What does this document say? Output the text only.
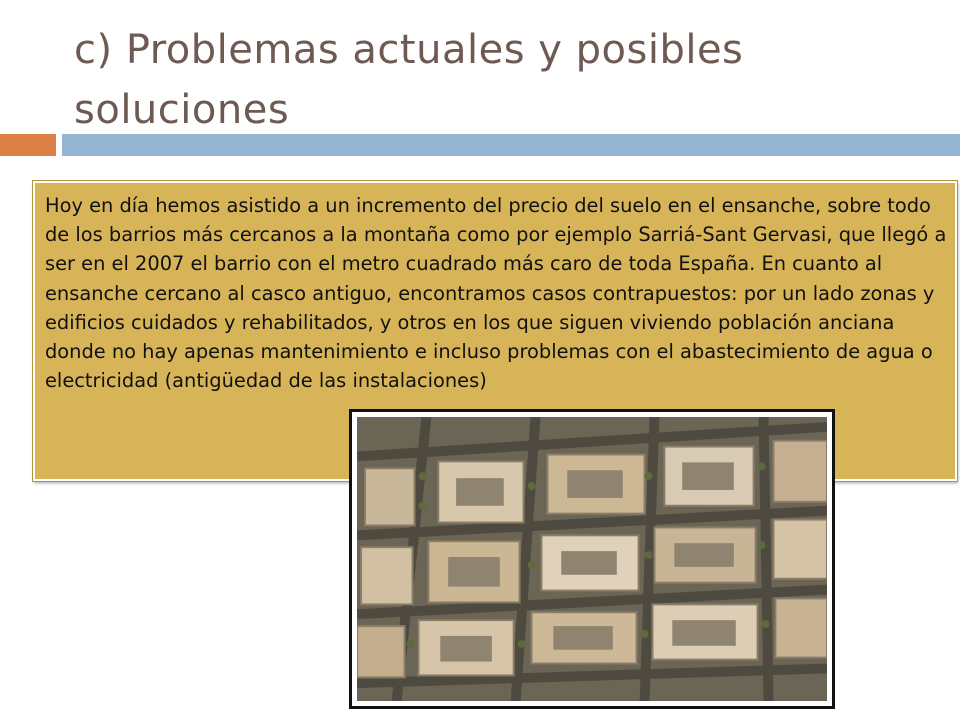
c) Problemas actuales y posibles soluciones

Hoy en día hemos asistido a un incremento del precio del suelo en el ensanche, sobre todo de los barrios más cercanos a la montaña como por ejemplo Sarriá-Sant Gervasi, que llegó a ser en el 2007 el barrio con el metro cuadrado más caro de toda España. En cuanto al ensanche cercano al casco antiguo, encontramos casos contrapuestos: por un lado zonas y edificios cuidados y rehabilitados, y otros en los que siguen viviendo población anciana donde no hay apenas mantenimiento e incluso problemas con el abastecimiento de agua o electricidad (antigüedad de las instalaciones)
